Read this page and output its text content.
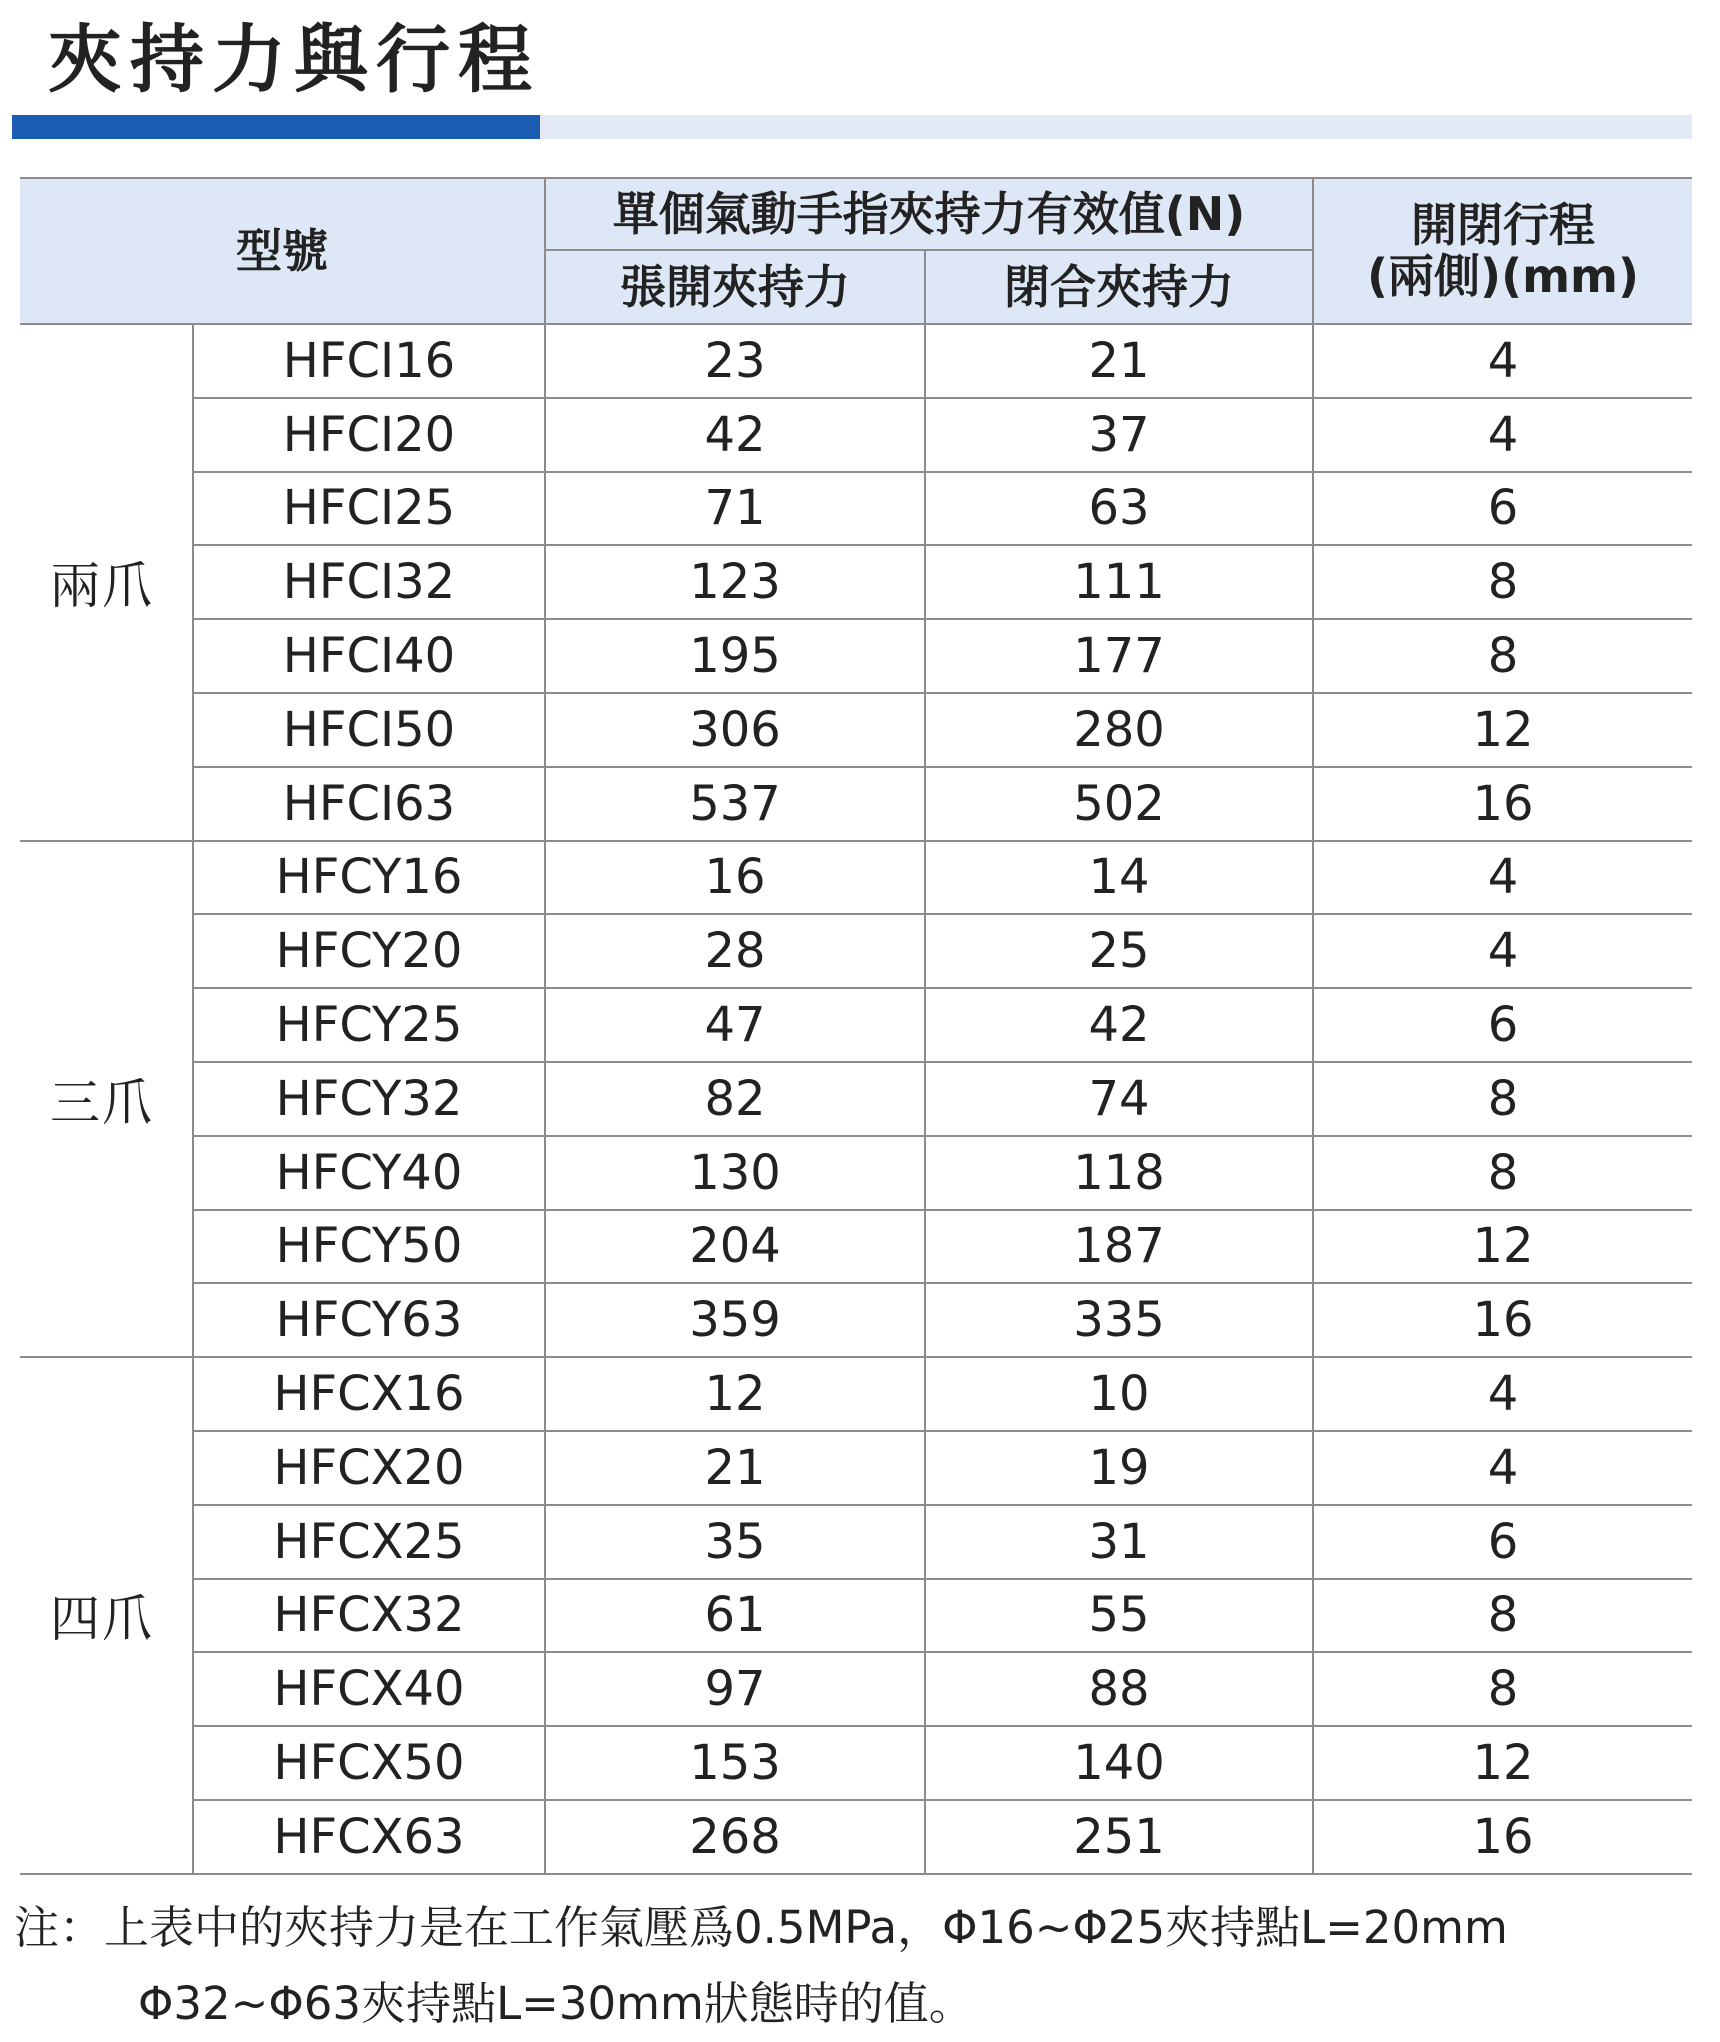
夾持力與行程
型號		單個氣動手指夾持力有效值(N)		開閉行程
(兩側)(mm)

		張開夾持力	閉合夾持力	
兩爪	HFCI16	23	21	4
	HFCI20	42	37	4
	HFCI25	71	63	6
	HFCI32	123	111	8
	HFCI40	195	177	8
	HFCI50	306	280	12
	HFCI63	537	502	16
三爪	HFCY16	16	14	4
	HFCY20	28	25	4
	HFCY25	47	42	6
	HFCY32	82	74	8
	HFCY40	130	118	8
	HFCY50	204	187	12
	HFCY63	359	335	16
四爪	HFCX16	12	10	4
	HFCX20	21	19	4
	HFCX25	35	31	6
	HFCX32	61	55	8
	HFCX40	97	88	8
	HFCX50	153	140	12
	HFCX63	268	251	16
注：上表中的夾持力是在工作氣壓爲0.5MPa，Φ16~Φ25夾持點L=20mm
Φ32~Φ63夾持點L=30mm狀態時的值。
